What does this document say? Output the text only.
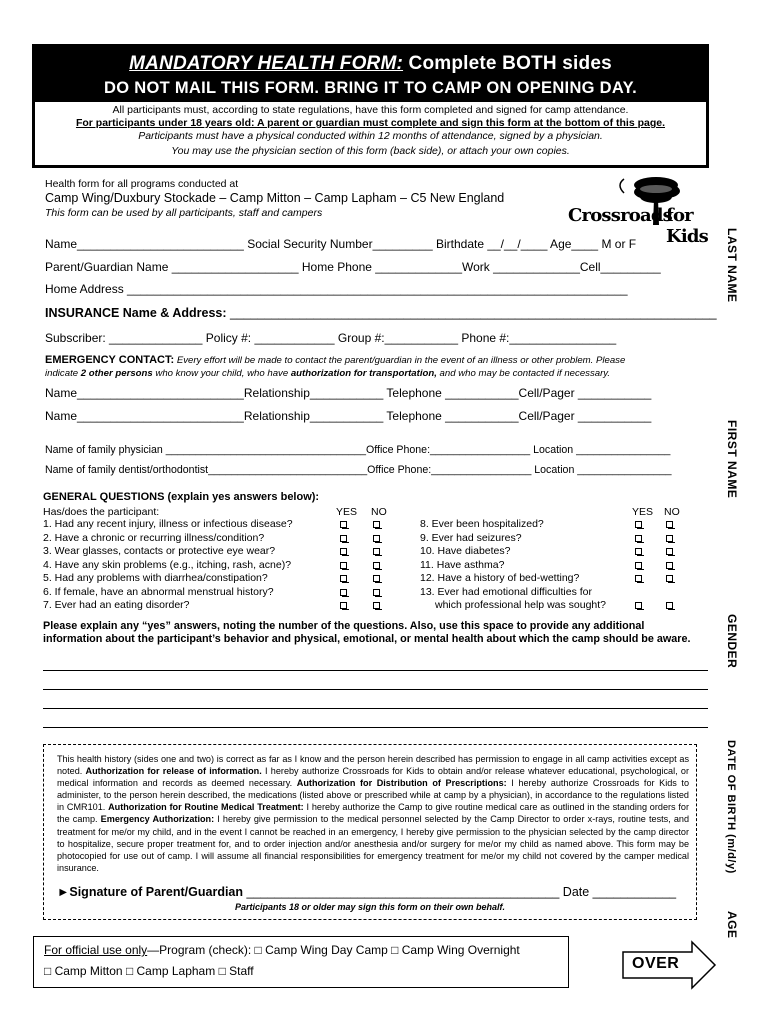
MANDATORY HEALTH FORM: Complete BOTH sides
DO NOT MAIL THIS FORM. BRING IT TO CAMP ON OPENING DAY.
All participants must, according to state regulations, have this form completed and signed for camp attendance.
For participants under 18 years old: A parent or guardian must complete and sign this form at the bottom of this page.
Participants must have a physical conducted within 12 months of attendance, signed by a physician.
You may use the physician section of this form (back side), or attach your own copies.
Health form for all programs conducted at
Camp Wing/Duxbury Stockade – Camp Mitton – Camp Lapham – C5 New England
This form can be used by all participants, staff and campers	Crossroads
for Kids	LAST NAME
FIRST NAME
GENDER
DATE OF BIRTH (m/d/y)
AGE
Name_________________________ Social Security Number_________ Birthdate __/__/____ Age____ M or F
Parent/Guardian Name ___________________ Home Phone _____________Work _____________Cell_________
Home Address ___________________________________________________________________________
INSURANCE Name & Address: ______________________________________________________________________
Subscriber: ______________ Policy #: ____________ Group #:___________ Phone #:________________
EMERGENCY CONTACT: Every effort will be made to contact the parent/guardian in the event of an illness or other problem. Please
indicate 2 other persons who know your child, who have authorization for transportation, and who may be contacted if necessary.
Name_________________________Relationship___________ Telephone ___________Cell/Pager ___________
Name_________________________Relationship___________ Telephone ___________Cell/Pager ___________
Name of family physician __________________________________Office Phone:_________________ Location ________________
Name of family dentist/orthodontist___________________________Office Phone:_________________ Location ________________
GENERAL QUESTIONS (explain yes answers below):
Has/does the participant:	YES NO	YES NO
1. Had any recent injury, illness or infectious disease?
2. Have a chronic or recurring illness/condition?
3. Wear glasses, contacts or protective eye wear?
4. Have any skin problems (e.g., itching, rash, acne)?
5. Had any problems with diarrhea/constipation?
6. If female, have an abnormal menstrual history?
7. Ever had an eating disorder?
8. Ever been hospitalized?
9. Ever had seizures?
10. Have diabetes?
11. Have asthma?
12. Have a history of bed-wetting?
13. Ever had emotional difficulties for
which professional help was sought?
Please explain any “yes” answers, noting the number of the questions. Also, use this space to provide any additional information about the participant’s behavior and physical, emotional, or mental health about which the camp should be aware.
This health history (sides one and two) is correct as far as I know and the person herein described has permission to engage in all camp activities except as noted. Authorization for release of information. I hereby authorize Crossroads for Kids to obtain and/or release whatever educational, psychological, or medical information and records as deemed necessary. Authorization for Distribution of Prescriptions: I hereby authorize Crossroads for Kids to administer, to the person herein described, the medications (listed above or prescribed while at camp by a physician), in accordance to the regulations listed in CMR101. Authorization for Routine Medical Treatment: I hereby authorize the Camp to give routine medical care as outlined in the standing orders for the camp. Emergency Authorization: I hereby give permission to the medical personnel selected by the Camp Director to order x-rays, routine tests, and treatment for me/or my child, and in the event I cannot be reached in an emergency, I hereby give permission to the physician selected by the camp director to hospitalize, secure proper treatment for, and to order injection and/or anesthesia and/or surgery for me/or my child as named above. This form may be photocopied for use out of camp. I will assume all financial responsibilities for emergency treatment for me/or my child not covered by the camper medical insurance.
►Signature of Parent/Guardian _____________________________________________ Date ____________
Participants 18 or older may sign this form on their own behalf.
For official use only—Program (check): □ Camp Wing Day Camp □ Camp Wing Overnight
□ Camp Mitton □ Camp Lapham □ Staff	OVER
